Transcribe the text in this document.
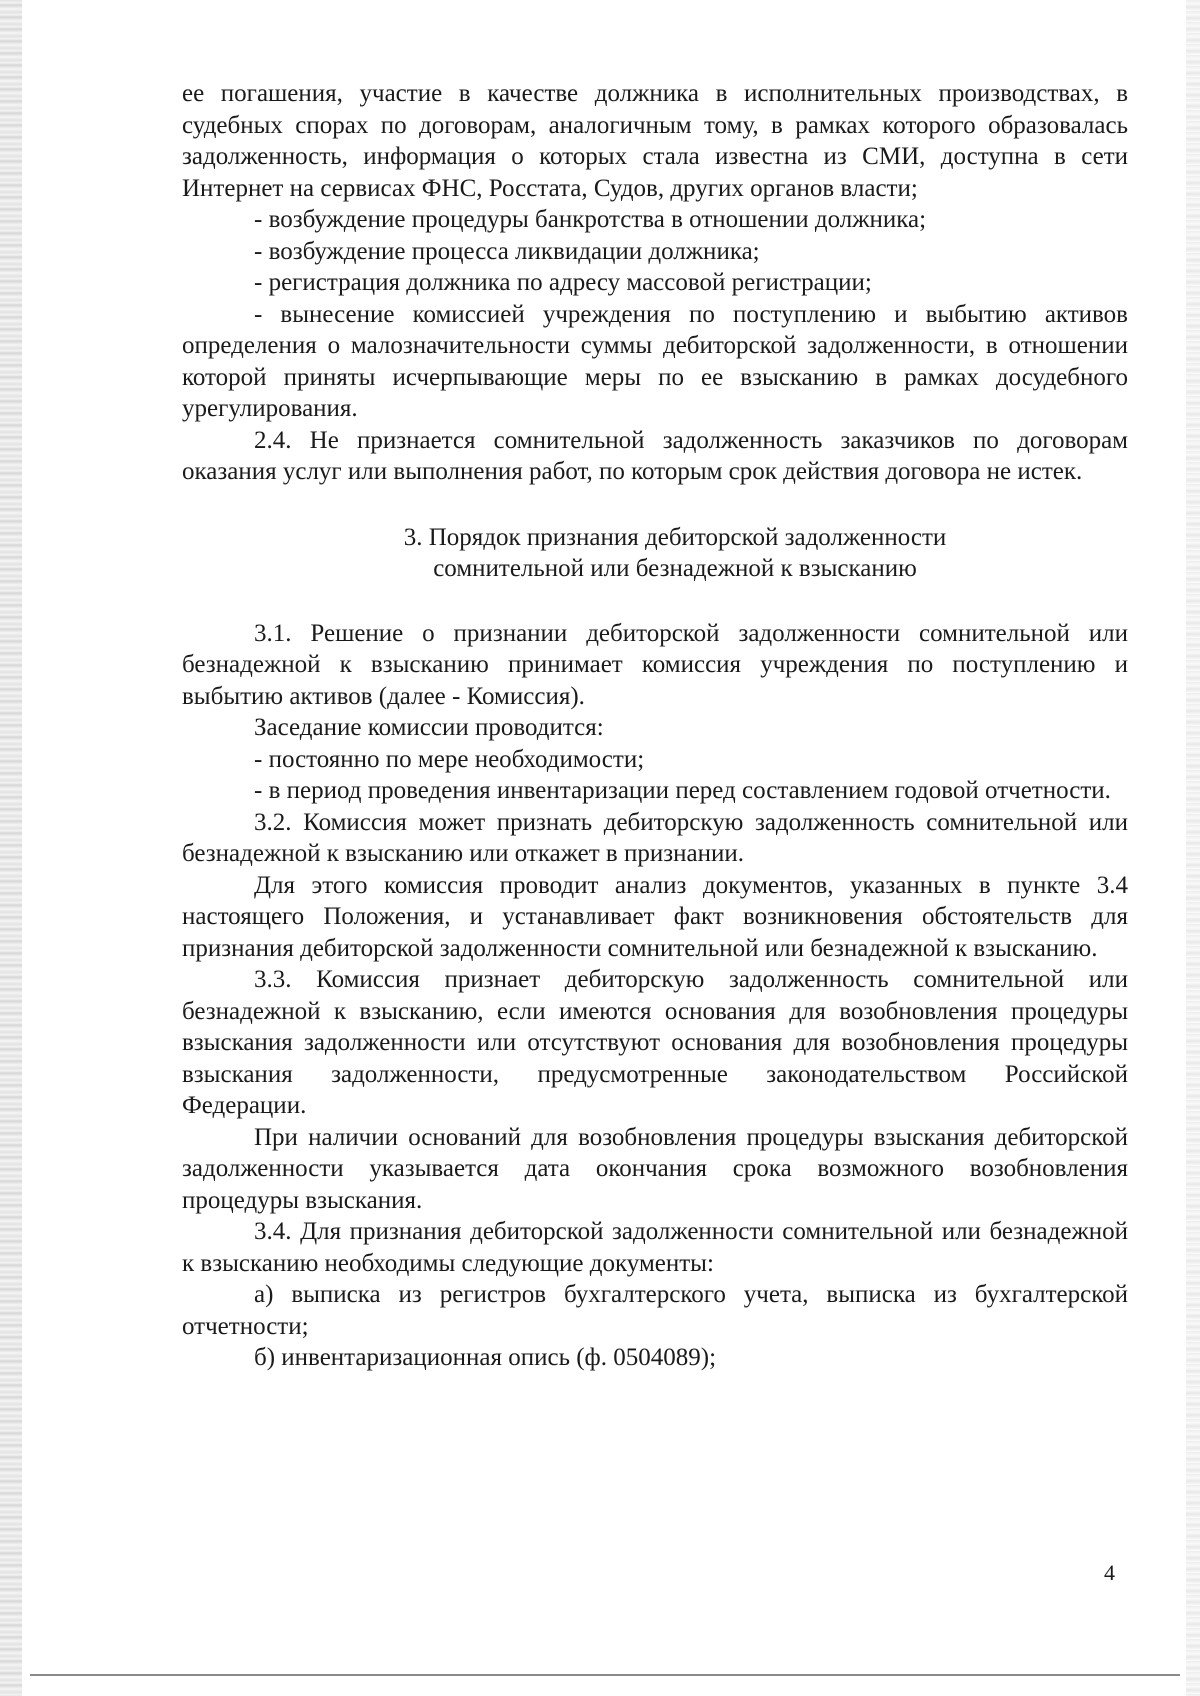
ее погашения, участие в качестве должника в исполнительных производствах, в судебных спорах по договорам, аналогичным тому, в рамках которого образовалась задолженность, информация о которых стала известна из СМИ, доступна в сети Интернет на сервисах ФНС, Росстата, Судов, других органов власти;

- возбуждение процедуры банкротства в отношении должника;

- возбуждение процесса ликвидации должника;

- регистрация должника по адресу массовой регистрации;

- вынесение комиссией учреждения по поступлению и выбытию активов определения о малозначительности суммы дебиторской задолженности, в отношении которой приняты исчерпывающие меры по ее взысканию в рамках досудебного урегулирования.

2.4. Не признается сомнительной задолженность заказчиков по договорам оказания услуг или выполнения работ, по которым срок действия договора не истек.

3. Порядок признания дебиторской задолженности
сомнительной или безнадежной к взысканию

3.1. Решение о признании дебиторской задолженности сомнительной или безнадежной к взысканию принимает комиссия учреждения по поступлению и выбытию активов (далее - Комиссия).

Заседание комиссии проводится:

- постоянно по мере необходимости;

- в период проведения инвентаризации перед составлением годовой отчетности.

3.2. Комиссия может признать дебиторскую задолженность сомнительной или безнадежной к взысканию или откажет в признании.

Для этого комиссия проводит анализ документов, указанных в пункте 3.4 настоящего Положения, и устанавливает факт возникновения обстоятельств для признания дебиторской задолженности сомнительной или безнадежной к взысканию.

3.3. Комиссия признает дебиторскую задолженность сомнительной или безнадежной к взысканию, если имеются основания для возобновления процедуры взыскания задолженности или отсутствуют основания для возобновления процедуры взыскания задолженности, предусмотренные законодательством Российской Федерации.

При наличии оснований для возобновления процедуры взыскания дебиторской задолженности указывается дата окончания срока возможного возобновления процедуры взыскания.

3.4. Для признания дебиторской задолженности сомнительной или безнадежной к взысканию необходимы следующие документы:

а) выписка из регистров бухгалтерского учета, выписка из бухгалтерской отчетности;

б) инвентаризационная опись (ф. 0504089);

4
